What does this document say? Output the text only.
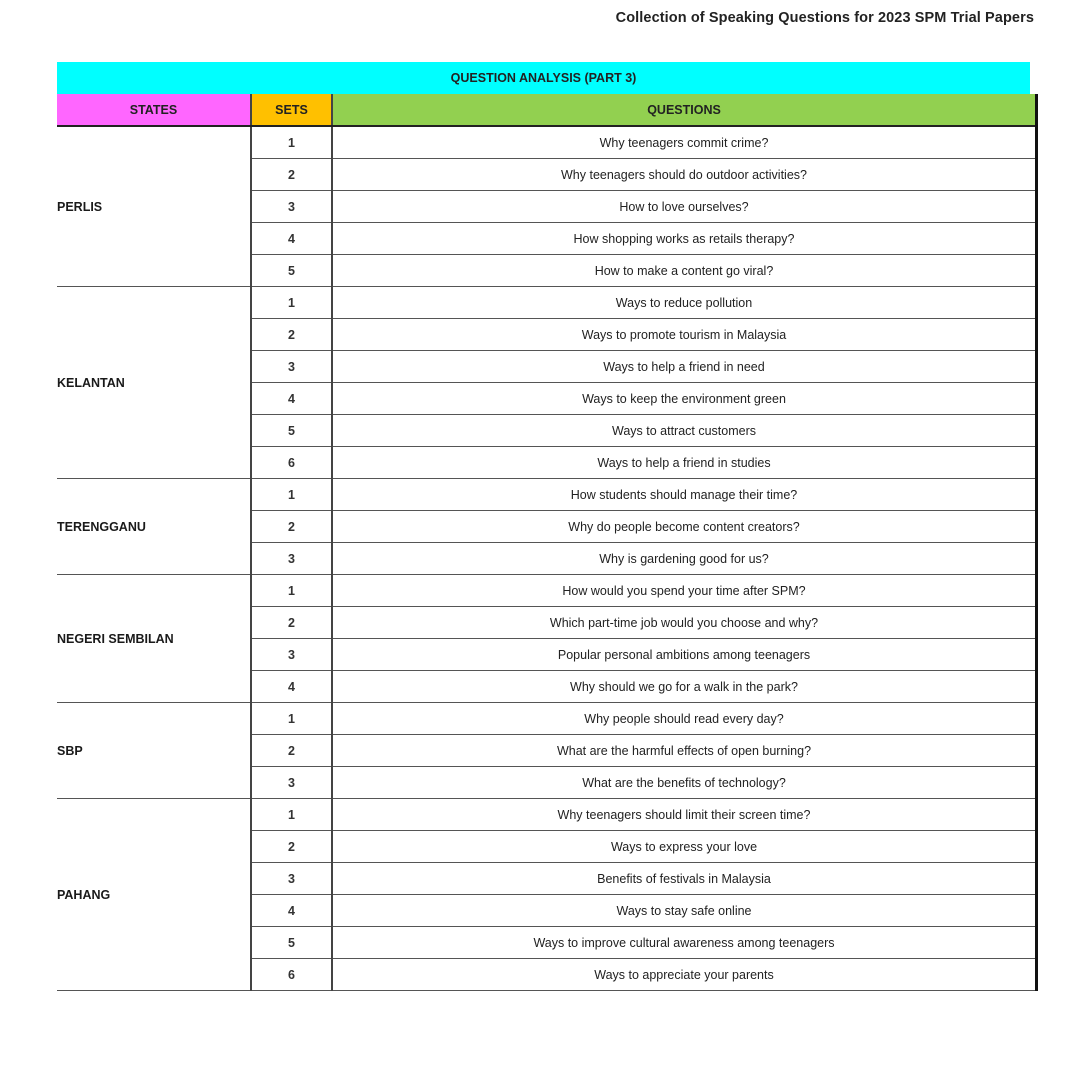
Collection of Speaking Questions for 2023 SPM Trial Papers
QUESTION ANALYSIS (PART 3)
STATES	SETS	QUESTIONS
PERLIS	1	Why teenagers commit crime?
	2	Why teenagers should do outdoor activities?
	3	How to love ourselves?
	4	How shopping works as retails therapy?
	5	How to make a content go viral?
KELANTAN	1	Ways to reduce pollution
	2	Ways to promote tourism in Malaysia
	3	Ways to help a friend in need
	4	Ways to keep the environment green
	5	Ways to attract customers
	6	Ways to help a friend in studies
TERENGGANU	1	How students should manage their time?
	2	Why do people become content creators?
	3	Why is gardening good for us?
NEGERI SEMBILAN	1	How would you spend your time after SPM?
	2	Which part-time job would you choose and why?
	3	Popular personal ambitions among teenagers
	4	Why should we go for a walk in the park?
SBP	1	Why people should read every day?
	2	What are the harmful effects of open burning?
	3	What are the benefits of technology?
PAHANG	1	Why teenagers should limit their screen time?
	2	Ways to express your love
	3	Benefits of festivals in Malaysia
	4	Ways to stay safe online
	5	Ways to improve cultural awareness among teenagers
	6	Ways to appreciate your parents
